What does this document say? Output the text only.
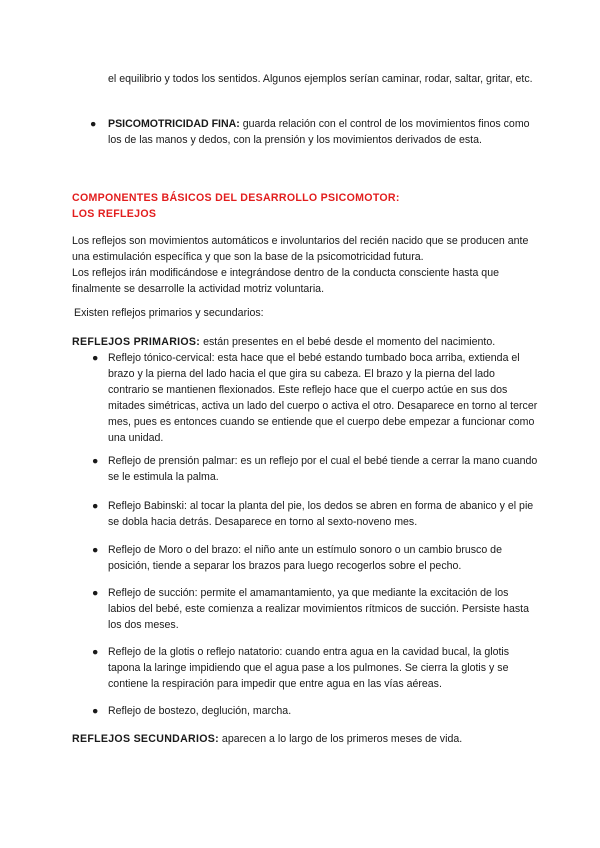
el equilibrio y todos los sentidos. Algunos ejemplos serían caminar, rodar, saltar, gritar, etc.

● PSICOMOTRICIDAD FINA: guarda relación con el control de los movimientos finos como los de las manos y dedos, con la prensión y los movimientos derivados de esta.

COMPONENTES BÁSICOS DEL DESARROLLO PSICOMOTOR:
LOS REFLEJOS

Los reflejos son movimientos automáticos e involuntarios del recién nacido que se producen ante una estimulación específica y que son la base de la psicomotricidad futura.

Los reflejos irán modificándose e integrándose dentro de la conducta consciente hasta que finalmente se desarrolle la actividad motriz voluntaria.

Existen reflejos primarios y secundarios:

REFLEJOS PRIMARIOS: están presentes en el bebé desde el momento del nacimiento.

● Reflejo tónico-cervical: esta hace que el bebé estando tumbado boca arriba, extienda el brazo y la pierna del lado hacia el que gira su cabeza. El brazo y la pierna del lado contrario se mantienen flexionados. Este reflejo hace que el cuerpo actúe en sus dos mitades simétricas, activa un lado del cuerpo o activa el otro. Desaparece en torno al tercer mes, pues es entonces cuando se entiende que el cuerpo debe empezar a funcionar como una unidad.

● Reflejo de prensión palmar: es un reflejo por el cual el bebé tiende a cerrar la mano cuando se le estimula la palma.

● Reflejo Babinski: al tocar la planta del pie, los dedos se abren en forma de abanico y el pie se dobla hacia detrás. Desaparece en torno al sexto-noveno mes.

● Reflejo de Moro o del brazo: el niño ante un estímulo sonoro o un cambio brusco de posición, tiende a separar los brazos para luego recogerlos sobre el pecho.

● Reflejo de succión: permite el amamantamiento, ya que mediante la excitación de los labios del bebé, este comienza a realizar movimientos rítmicos de succión. Persiste hasta los dos meses.

● Reflejo de la glotis o reflejo natatorio: cuando entra agua en la cavidad bucal, la glotis tapona la laringe impidiendo que el agua pase a los pulmones. Se cierra la glotis y se contiene la respiración para impedir que entre agua en las vías aéreas.

● Reflejo de bostezo, deglución, marcha.

REFLEJOS SECUNDARIOS: aparecen a lo largo de los primeros meses de vida.
